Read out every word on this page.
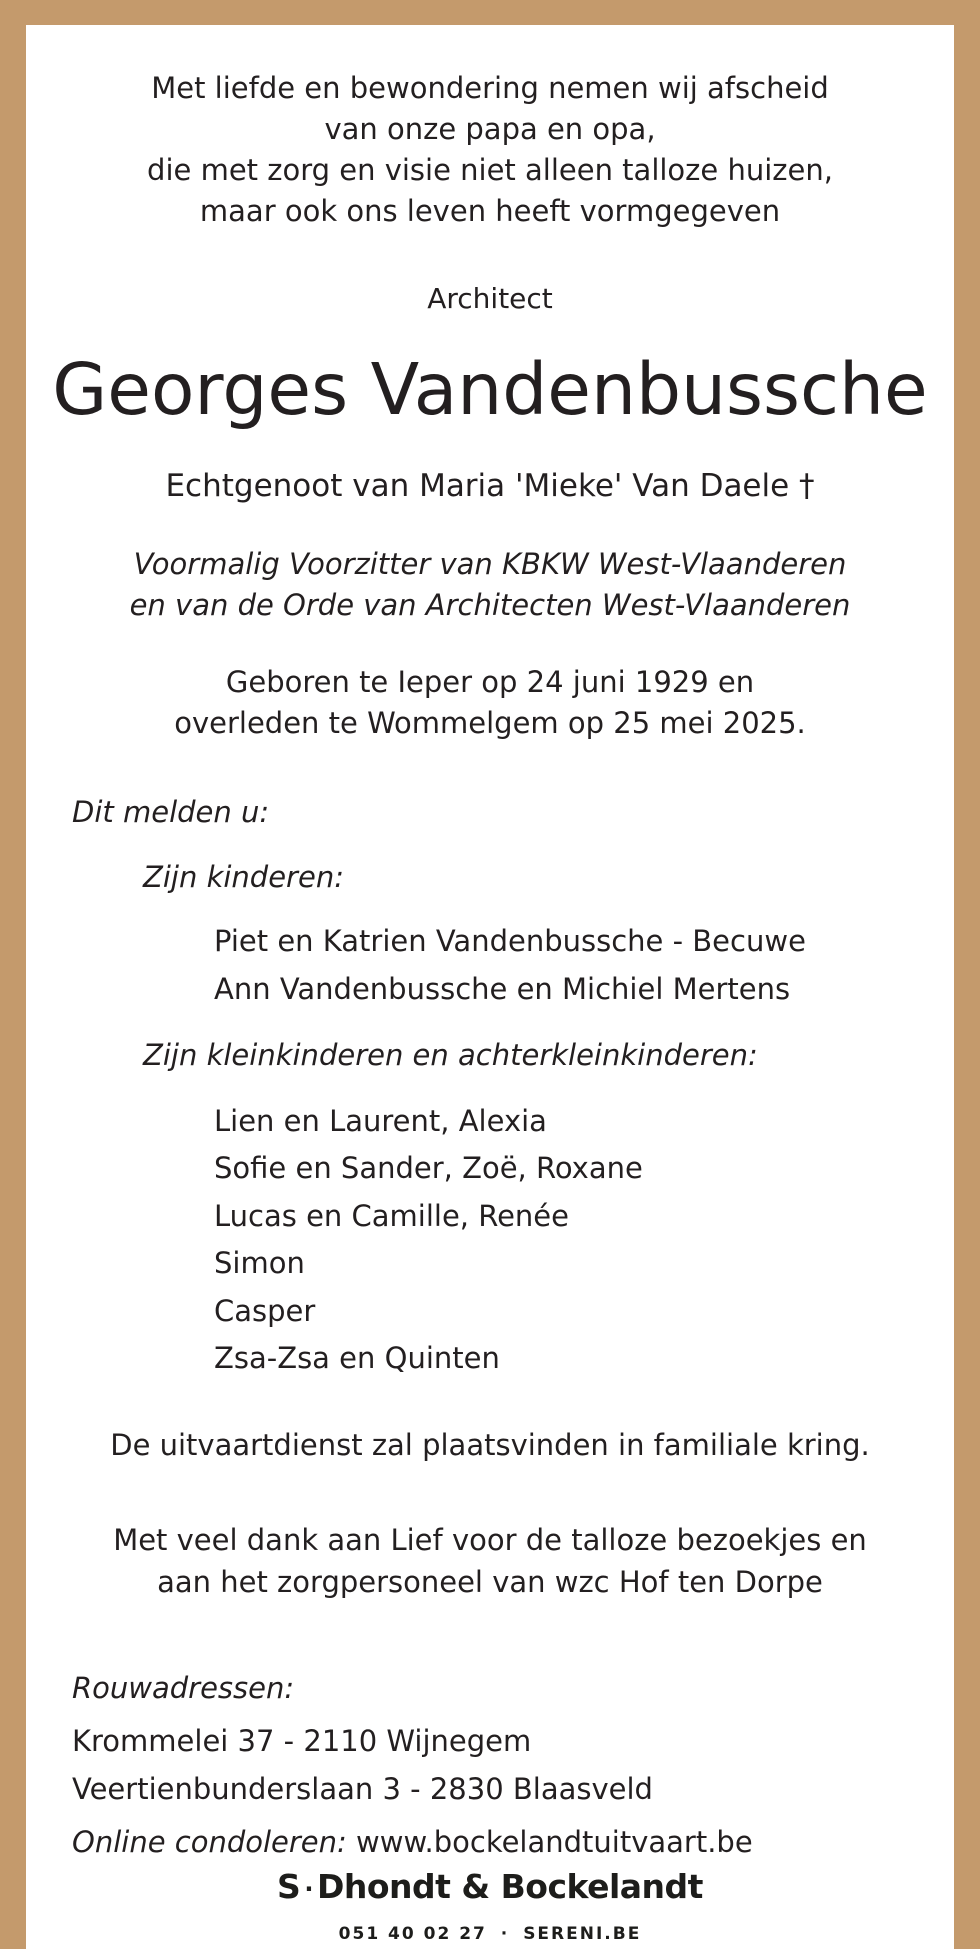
Met liefde en bewondering nemen wij afscheid
van onze papa en opa,
die met zorg en visie niet alleen talloze huizen,
maar ook ons leven heeft vormgegeven
Architect
Georges Vandenbussche
Echtgenoot van Maria 'Mieke' Van Daele †
Voormalig Voorzitter van KBKW West-Vlaanderen
en van de Orde van Architecten West-Vlaanderen
Geboren te Ieper op 24 juni 1929 en
overleden te Wommelgem op 25 mei 2025.
Dit melden u:
Zijn kinderen:
Piet en Katrien Vandenbussche - Becuwe
Ann Vandenbussche en Michiel Mertens
Zijn kleinkinderen en achterkleinkinderen:
Lien en Laurent, Alexia
Sofie en Sander, Zoë, Roxane
Lucas en Camille, Renée
Simon
Casper
Zsa-Zsa en Quinten
De uitvaartdienst zal plaatsvinden in familiale kring.
Met veel dank aan Lief voor de talloze bezoekjes en
aan het zorgpersoneel van wzc Hof ten Dorpe
Rouwadressen:
Krommelei 37 - 2110 Wijnegem
Veertienbunderslaan 3 - 2830 Blaasveld
Online condoleren: www.bockelandtuitvaart.be
S · Dhondt & Bockelandt
051 40 02 27 · SERENI.BE
